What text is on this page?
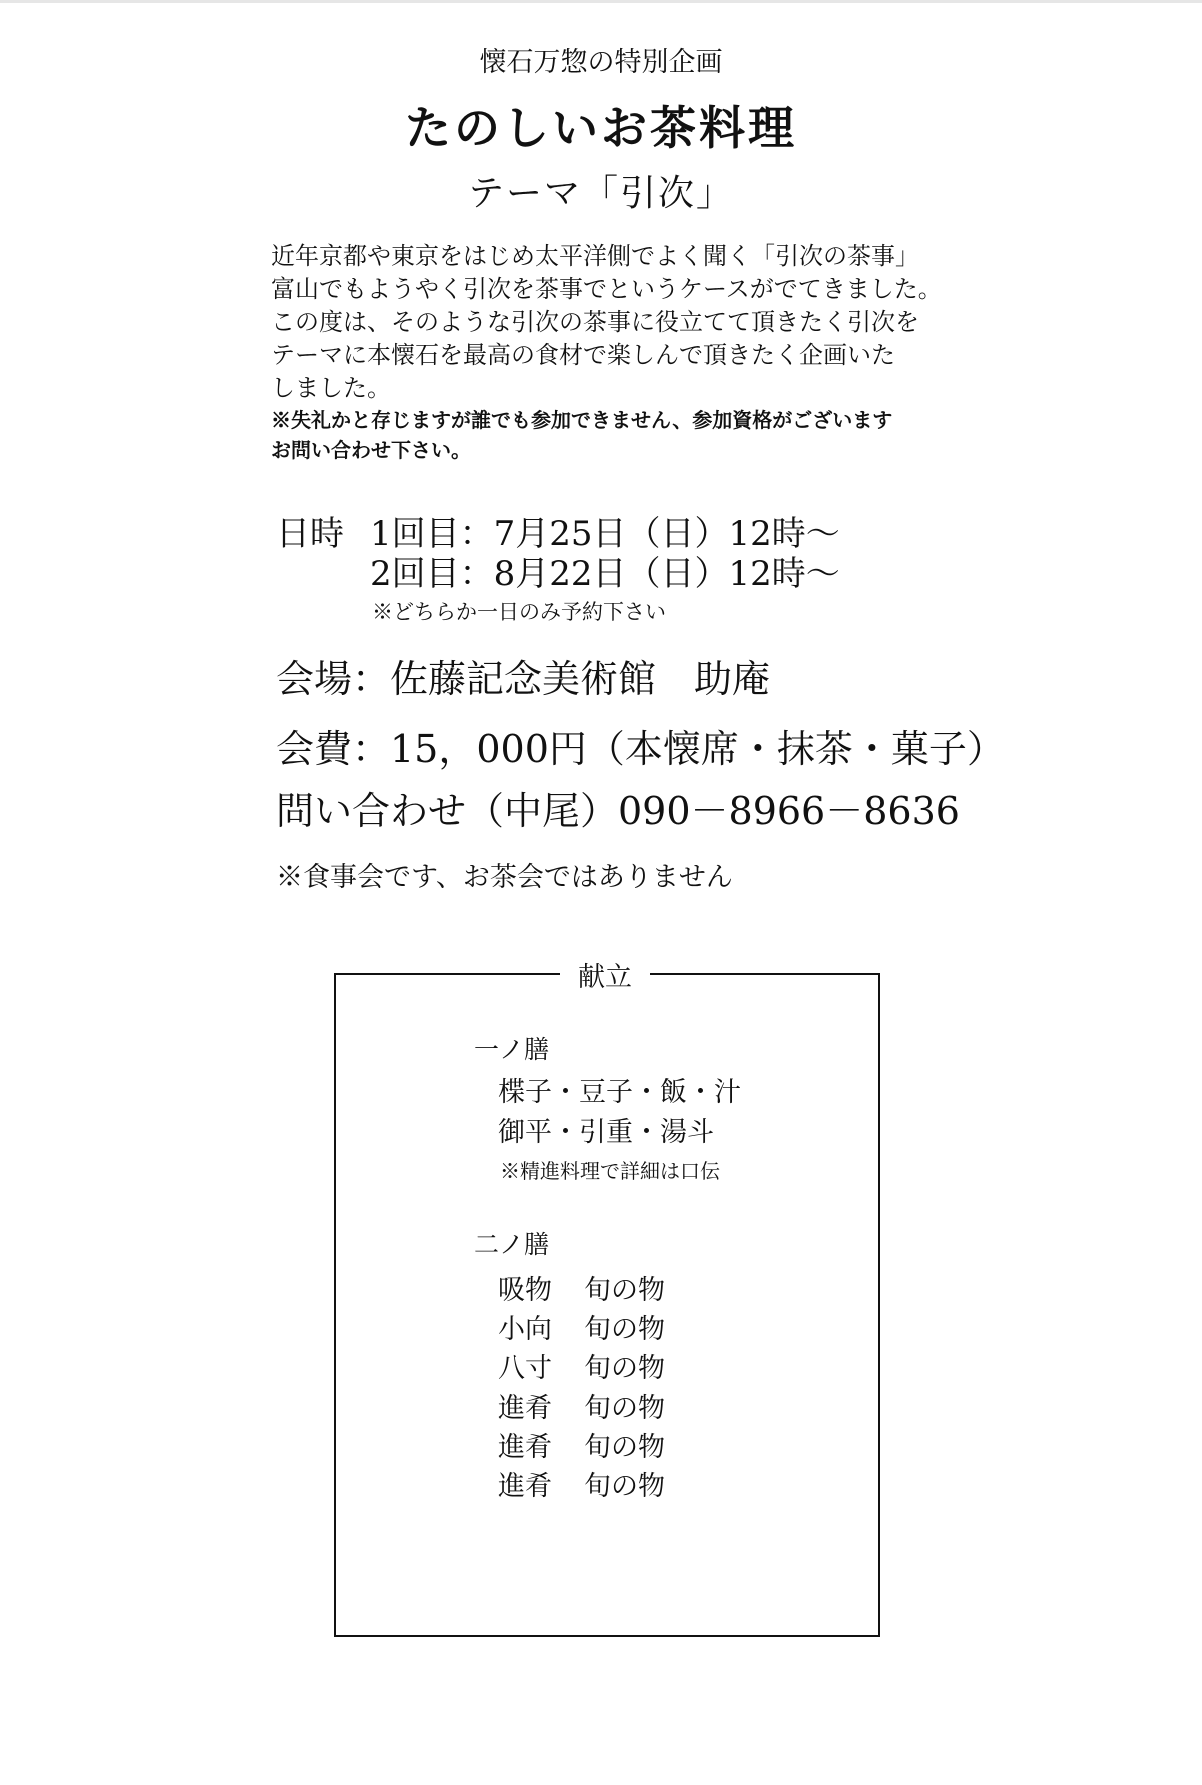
懐石万惣の特別企画
たのしいお茶料理
テーマ「引次」
近年京都や東京をはじめ太平洋側でよく聞く「引次の茶事」
富山でもようやく引次を茶事でというケースがでてきました。
この度は、そのような引次の茶事に役立てて頂きたく引次を
テーマに本懐石を最高の食材で楽しんで頂きたく企画いた
しました。
※失礼かと存じますが誰でも参加できません、参加資格がございます
お問い合わせ下さい。
日時 1回目：7月25日（日）12時～
2回目：8月22日（日）12時～
※どちらか一日のみ予約下さい
会場：佐藤記念美術館　助庵
会費：15，000円（本懐席・抹茶・菓子）
問い合わせ（中尾）090－8966－8636
※食事会です、お茶会ではありません
献立
一ノ膳
楪子・豆子・飯・汁
御平・引重・湯斗
※精進料理で詳細は口伝
二ノ膳
吸物 旬の物
小向 旬の物
八寸 旬の物
進肴 旬の物
進肴 旬の物
進肴 旬の物
